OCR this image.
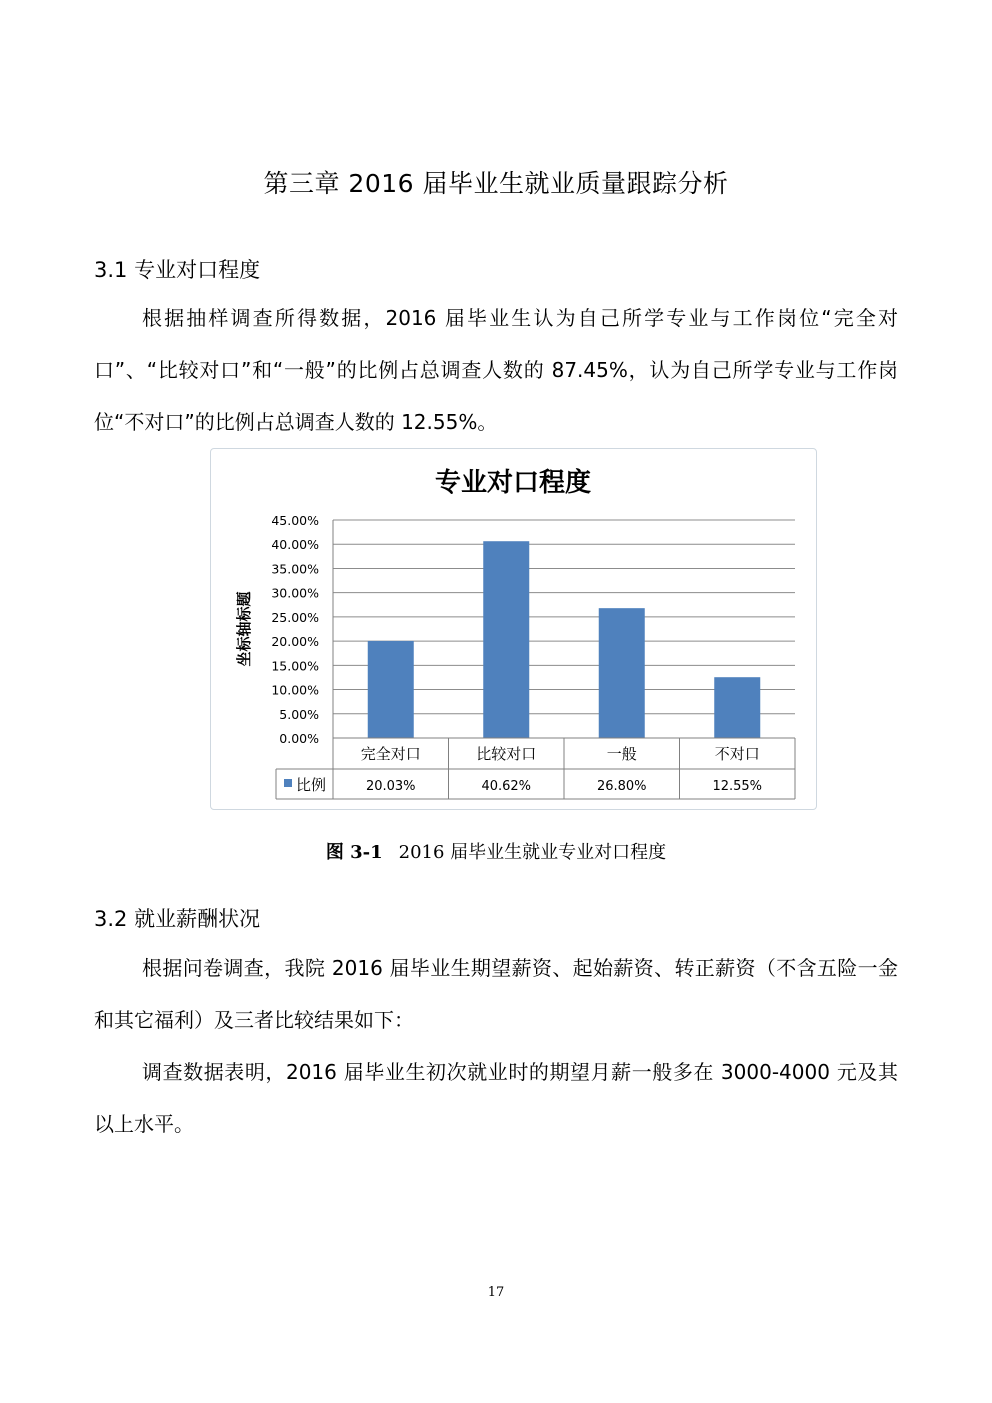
第三章 2016 届毕业生就业质量跟踪分析
3.1 专业对口程度
根据抽样调查所得数据，2016 届毕业生认为自己所学专业与工作岗位“完全对口”、“比较对口”和“一般”的比例占总调查人数的 87.45%，认为自己所学专业与工作岗位“不对口”的比例占总调查人数的 12.55%。
专业对口程度
坐标轴标题
0.00%
5.00%
10.00%
15.00%
20.00%
25.00%
30.00%
35.00%
40.00%
45.00%
完全对口
20.03%
比较对口
40.62%
一般
26.80%
不对口
12.55%
比例
图 3-1 2016 届毕业生就业专业对口程度
3.2 就业薪酬状况
根据问卷调查，我院 2016 届毕业生期望薪资、起始薪资、转正薪资（不含五险一金和其它福利）及三者比较结果如下：
调查数据表明，2016 届毕业生初次就业时的期望月薪一般多在 3000-4000 元及其以上水平。
17
